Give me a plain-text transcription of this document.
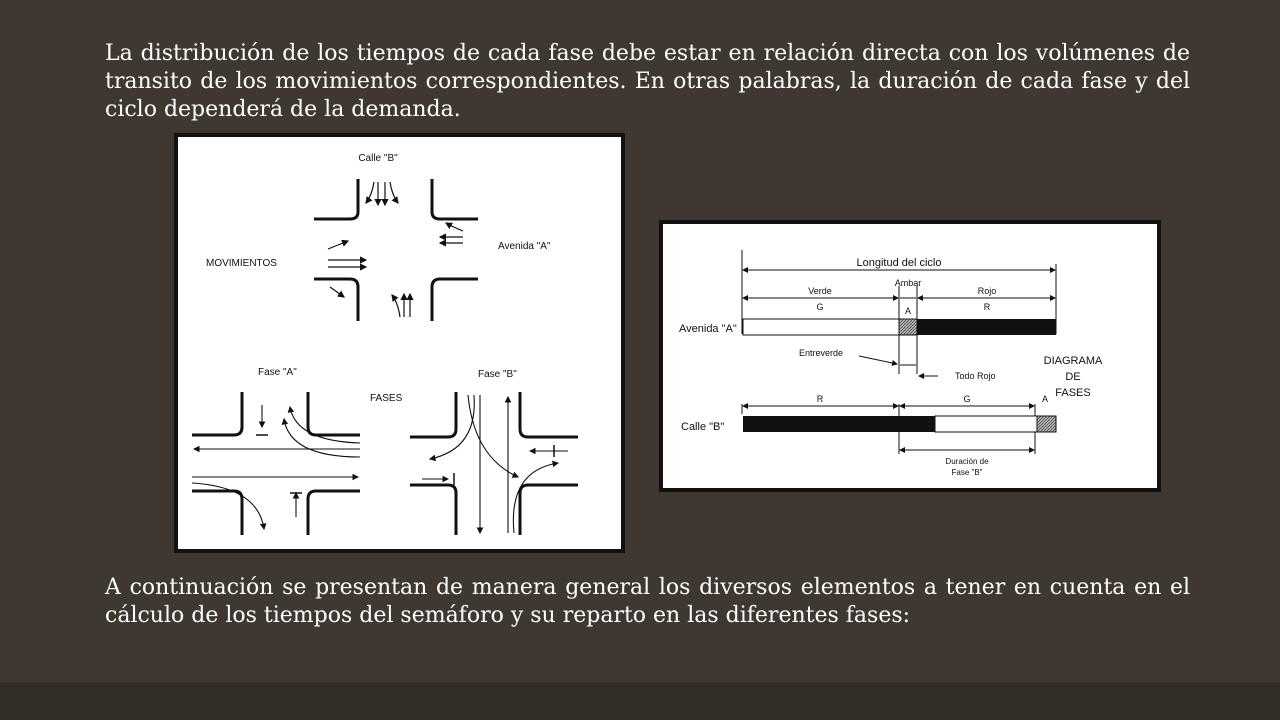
La distribución de los tiempos de cada fase debe estar en relación directa con los volúmenes de transito de los movimientos correspondientes. En otras palabras, la duración de cada fase y del ciclo dependerá de la demanda.

Calle "B"
Avenida "A"
MOVIMIENTOS
Fase "A"	Fase "B"
FASES
Longitud del ciclo
Verde
Ambar
Rojo
G	A	R
Avenida "A"
Entreverde
Todo Rojo
DIAGRAMA
DE
FASES
R	G	A
Calle "B"
Duración de
Fase "B"

A continuación se presentan de manera general los diversos elementos a tener en cuenta en el cálculo de los tiempos del semáforo y su reparto en las diferentes fases:
